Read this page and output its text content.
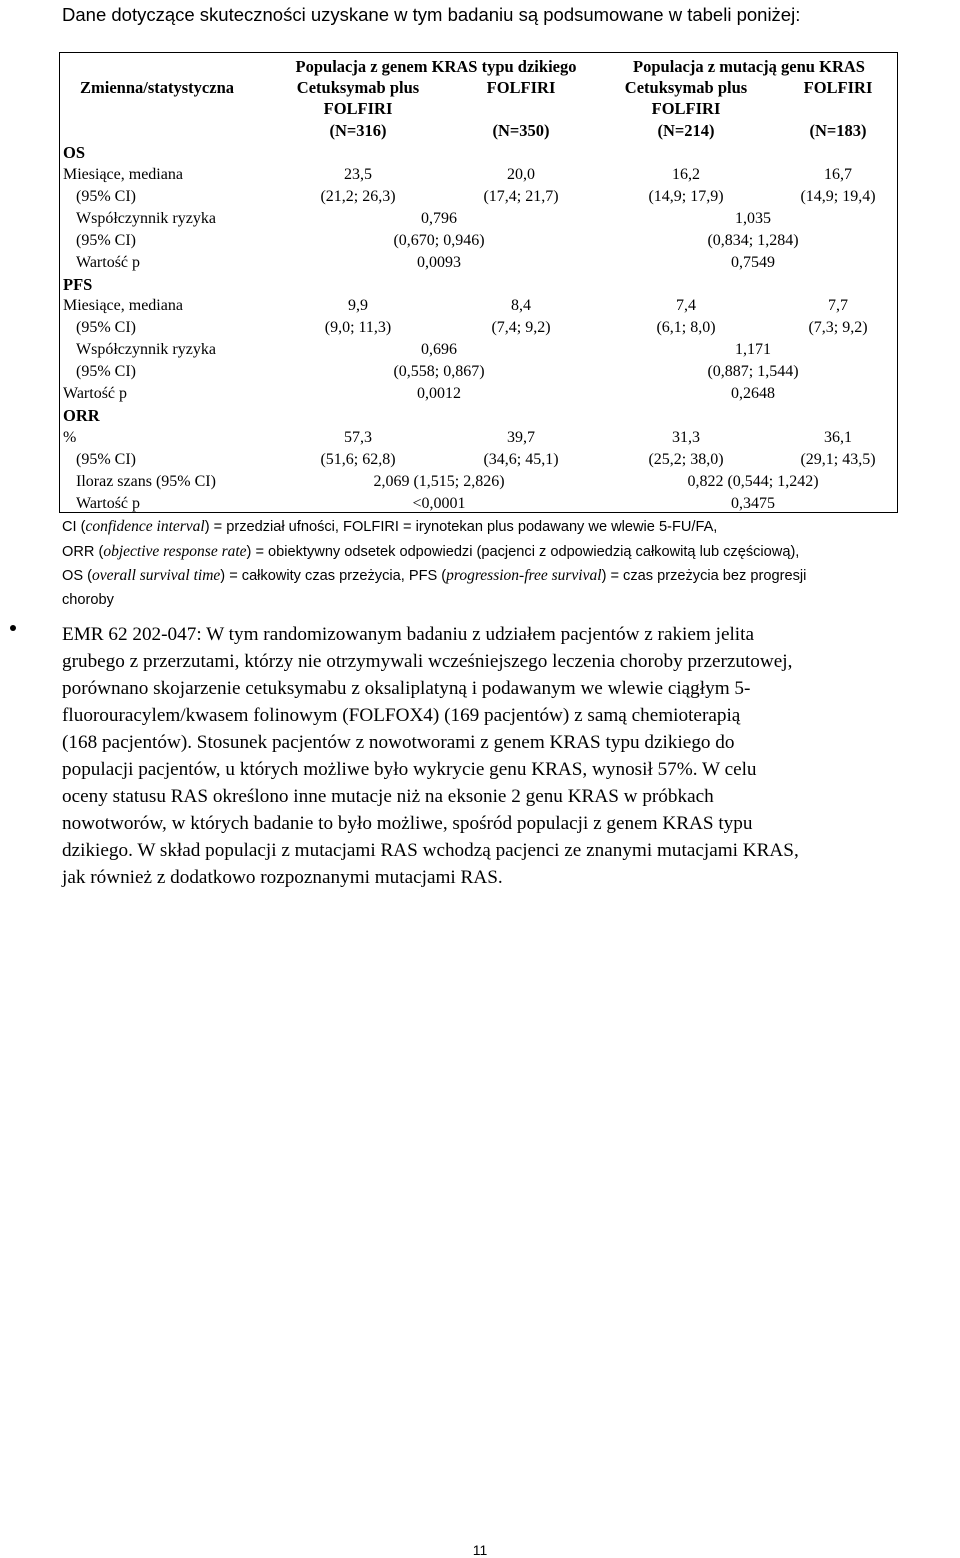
Dane dotyczące skuteczności uzyskane w tym badaniu są podsumowane w tabeli poniżej:
Populacja z genem KRAS typu dzikiego	Populacja z mutacją genu KRAS
Zmienna/statystyczna	Cetuksymab plus	FOLFIRI	Cetuksymab plus	FOLFIRI
FOLFIRI	FOLFIRI
(N=316)	(N=350)	(N=214)	(N=183)
OS
Miesiące, mediana	23,5	20,0	16,2	16,7
(95% CI)	(21,2; 26,3)	(17,4; 21,7)	(14,9; 17,9)	(14,9; 19,4)
Współczynnik ryzyka	0,796	1,035
(95% CI)	(0,670; 0,946)	(0,834; 1,284)
Wartość p	0,0093	0,7549
PFS
Miesiące, mediana	9,9	8,4	7,4	7,7
(95% CI)	(9,0; 11,3)	(7,4; 9,2)	(6,1; 8,0)	(7,3; 9,2)
Współczynnik ryzyka	0,696	1,171
(95% CI)	(0,558; 0,867)	(0,887; 1,544)
Wartość p	0,0012	0,2648
ORR
%	57,3	39,7	31,3	36,1
(95% CI)	(51,6; 62,8)	(34,6; 45,1)	(25,2; 38,0)	(29,1; 43,5)
Iloraz szans (95% CI)	2,069 (1,515; 2,826)	0,822 (0,544; 1,242)
Wartość p	<0,0001	0,3475
CI (confidence interval) = przedział ufności, FOLFIRI = irynotekan plus podawany we wlewie 5-FU/FA,
ORR (objective response rate) = obiektywny odsetek odpowiedzi (pacjenci z odpowiedzią całkowitą lub częściową),
OS (overall survival time) = całkowity czas przeżycia, PFS (progression-free survival) = czas przeżycia bez progresji
choroby
EMR 62 202-047: W tym randomizowanym badaniu z udziałem pacjentów z rakiem jelita
grubego z przerzutami, którzy nie otrzymywali wcześniejszego leczenia choroby przerzutowej,
porównano skojarzenie cetuksymabu z oksaliplatyną i podawanym we wlewie ciągłym 5-
fluorouracylem/kwasem folinowym (FOLFOX4) (169 pacjentów) z samą chemioterapią
(168 pacjentów). Stosunek pacjentów z nowotworami z genem KRAS typu dzikiego do
populacji pacjentów, u których możliwe było wykrycie genu KRAS, wynosił 57%. W celu
oceny statusu RAS określono inne mutacje niż na eksonie 2 genu KRAS w próbkach
nowotworów, w których badanie to było możliwe, spośród populacji z genem KRAS typu
dzikiego. W skład populacji z mutacjami RAS wchodzą pacjenci ze znanymi mutacjami KRAS,
jak również z dodatkowo rozpoznanymi mutacjami RAS.
11
